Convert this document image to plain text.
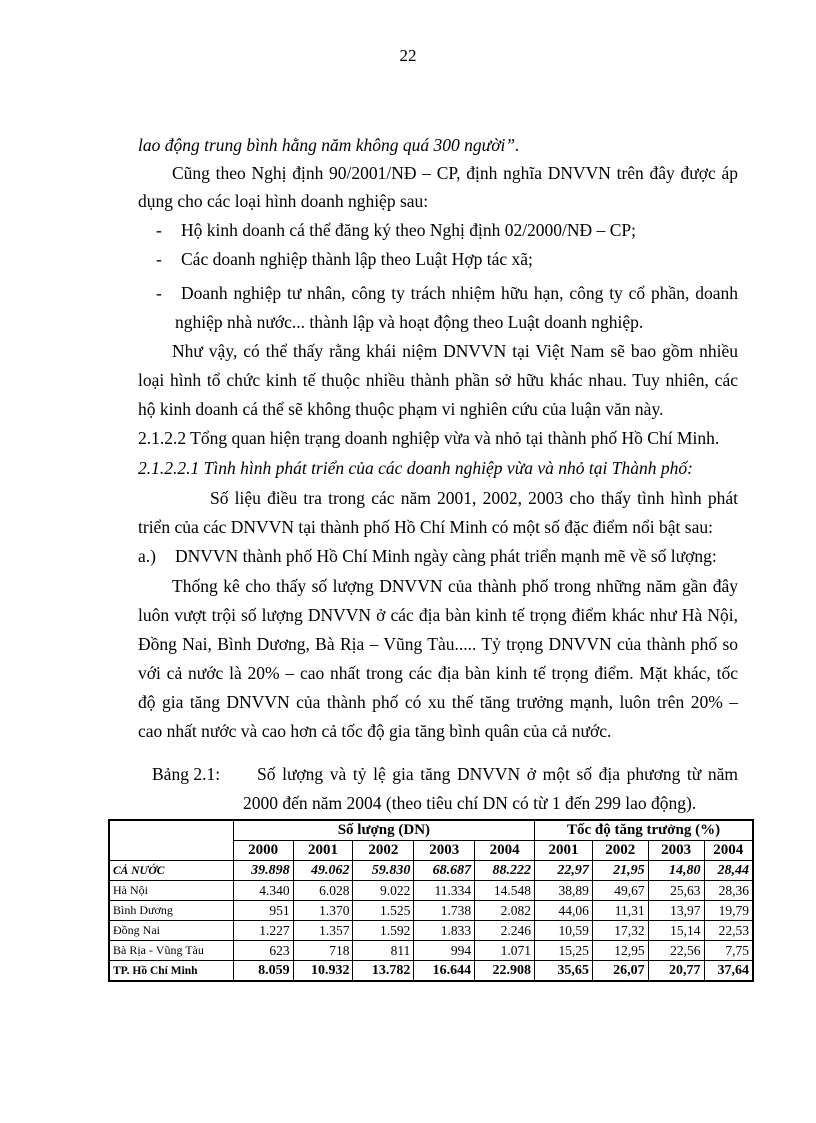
22
lao động trung bình hằng năm không quá 300 người”.
Cũng theo Nghị định 90/2001/NĐ – CP, định nghĩa DNVVN trên đây được áp
dụng cho các loại hình doanh nghiệp sau:
- Hộ kinh doanh cá thể đăng ký theo Nghị định 02/2000/NĐ – CP;
- Các doanh nghiệp thành lập theo Luật Hợp tác xã;
- Doanh nghiệp tư nhân, công ty trách nhiệm hữu hạn, công ty cổ phần, doanh
nghiệp nhà nước... thành lập và hoạt động theo Luật doanh nghiệp.
Như vậy, có thể thấy rằng khái niệm DNVVN tại Việt Nam sẽ bao gồm nhiều
loại hình tổ chức kinh tế thuộc nhiều thành phần sở hữu khác nhau. Tuy nhiên, các
hộ kinh doanh cá thể sẽ không thuộc phạm vi nghiên cứu của luận văn này.
2.1.2.2 Tổng quan hiện trạng doanh nghiệp vừa và nhỏ tại thành phố Hồ Chí Minh.
2.1.2.2.1 Tình hình phát triển của các doanh nghiệp vừa và nhỏ tại Thành phố:
Số liệu điều tra trong các năm 2001, 2002, 2003 cho thấy tình hình phát
triển của các DNVVN tại thành phố Hồ Chí Minh có một số đặc điểm nổi bật sau:
a.) DNVVN thành phố Hồ Chí Minh ngày càng phát triển mạnh mẽ về số lượng:
Thống kê cho thấy số lượng DNVVN của thành phố trong những năm gần đây
luôn vượt trội số lượng DNVVN ở các địa bàn kinh tế trọng điểm khác như Hà Nội,
Đồng Nai, Bình Dương, Bà Rịa – Vũng Tàu..... Tỷ trọng DNVVN của thành phố so
với cả nước là 20% – cao nhất trong các địa bàn kinh tế trọng điểm. Mặt khác, tốc
độ gia tăng DNVVN của thành phố có xu thế tăng trưởng mạnh, luôn trên 20% –
cao nhất nước và cao hơn cả tốc độ gia tăng bình quân của cả nước.
Bảng 2.1: Số lượng và tỷ lệ gia tăng DNVVN ở một số địa phương từ năm
2000 đến năm 2004 (theo tiêu chí DN có từ 1 đến 299 lao động).
	Số lượng (DN)					Tốc độ tăng trưởng (%)			
	2000	2001	2002	2003	2004	2001	2002	2003	2004
CẢ NƯỚC	39.898	49.062	59.830	68.687	88.222	22,97	21,95	14,80	28,44
Hà Nội	4.340	6.028	9.022	11.334	14.548	38,89	49,67	25,63	28,36
Bình Dương	951	1.370	1.525	1.738	2.082	44,06	11,31	13,97	19,79
Đồng Nai	1.227	1.357	1.592	1.833	2.246	10,59	17,32	15,14	22,53
Bà Rịa - Vũng Tàu	623	718	811	994	1.071	15,25	12,95	22,56	7,75
TP. Hồ Chí Minh	8.059	10.932	13.782	16.644	22.908	35,65	26,07	20,77	37,64
